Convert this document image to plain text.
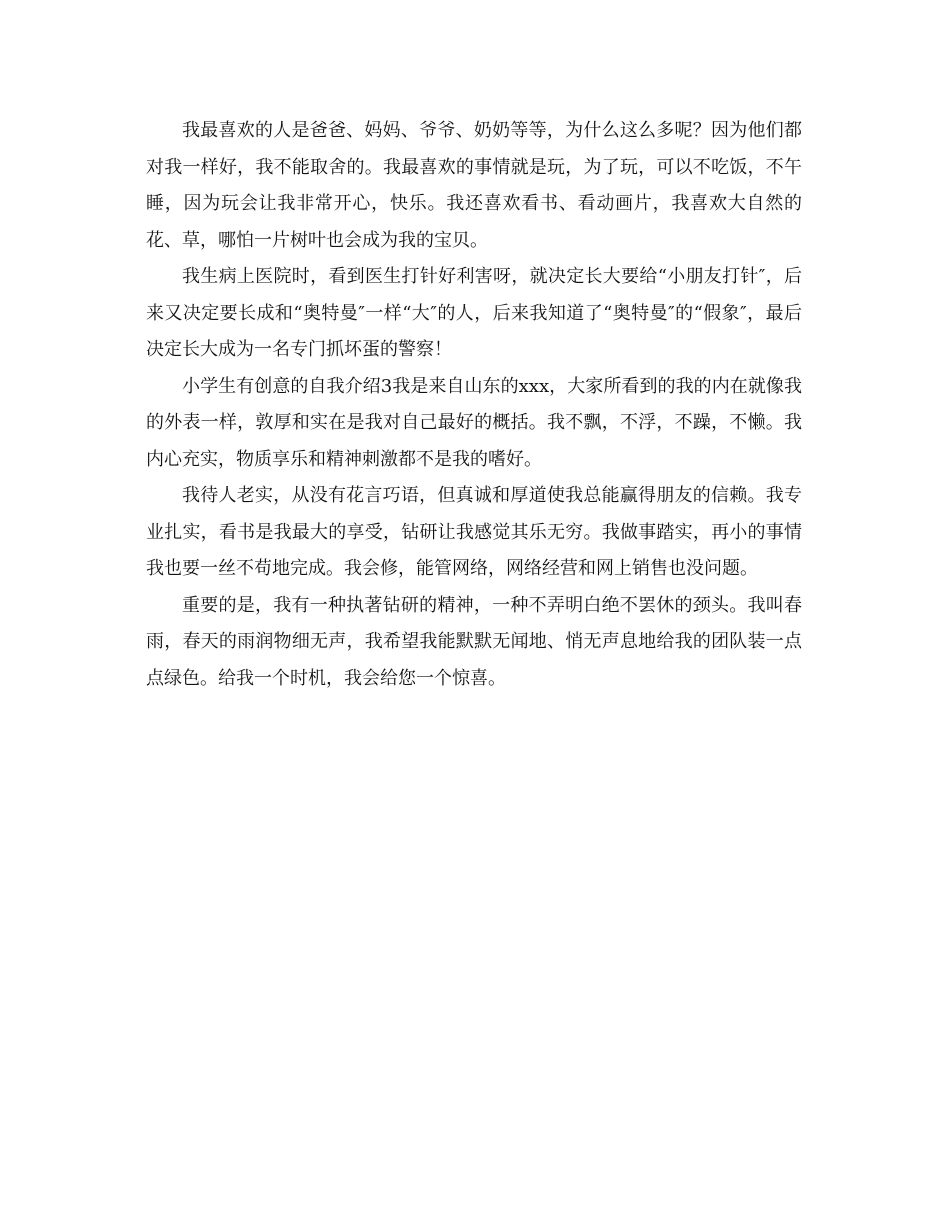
我最喜欢的人是爸爸、妈妈、爷爷、奶奶等等，为什么这么多呢？因为他们都对我一样好，我不能取舍的。我最喜欢的事情就是玩，为了玩，可以不吃饭，不午睡，因为玩会让我非常开心，快乐。我还喜欢看书、看动画片，我喜欢大自然的花、草，哪怕一片树叶也会成为我的宝贝。

我生病上医院时，看到医生打针好利害呀，就决定长大要给“小朋友打针″，后来又决定要长成和“奥特曼″一样“大″的人，后来我知道了“奥特曼″的“假象″，最后决定长大成为一名专门抓坏蛋的警察！

小学生有创意的自我介绍3我是来自山东的xxx，大家所看到的我的内在就像我的外表一样，敦厚和实在是我对自己最好的概括。我不飘，不浮，不躁，不懒。我内心充实，物质享乐和精神刺激都不是我的嗜好。

我待人老实，从没有花言巧语，但真诚和厚道使我总能赢得朋友的信赖。我专业扎实，看书是我最大的享受，钻研让我感觉其乐无穷。我做事踏实，再小的事情我也要一丝不苟地完成。我会修，能管网络，网络经营和网上销售也没问题。

重要的是，我有一种执著钻研的精神，一种不弄明白绝不罢休的颈头。我叫春雨，春天的雨润物细无声，我希望我能默默无闻地、悄无声息地给我的团队装一点点绿色。给我一个时机，我会给您一个惊喜。
